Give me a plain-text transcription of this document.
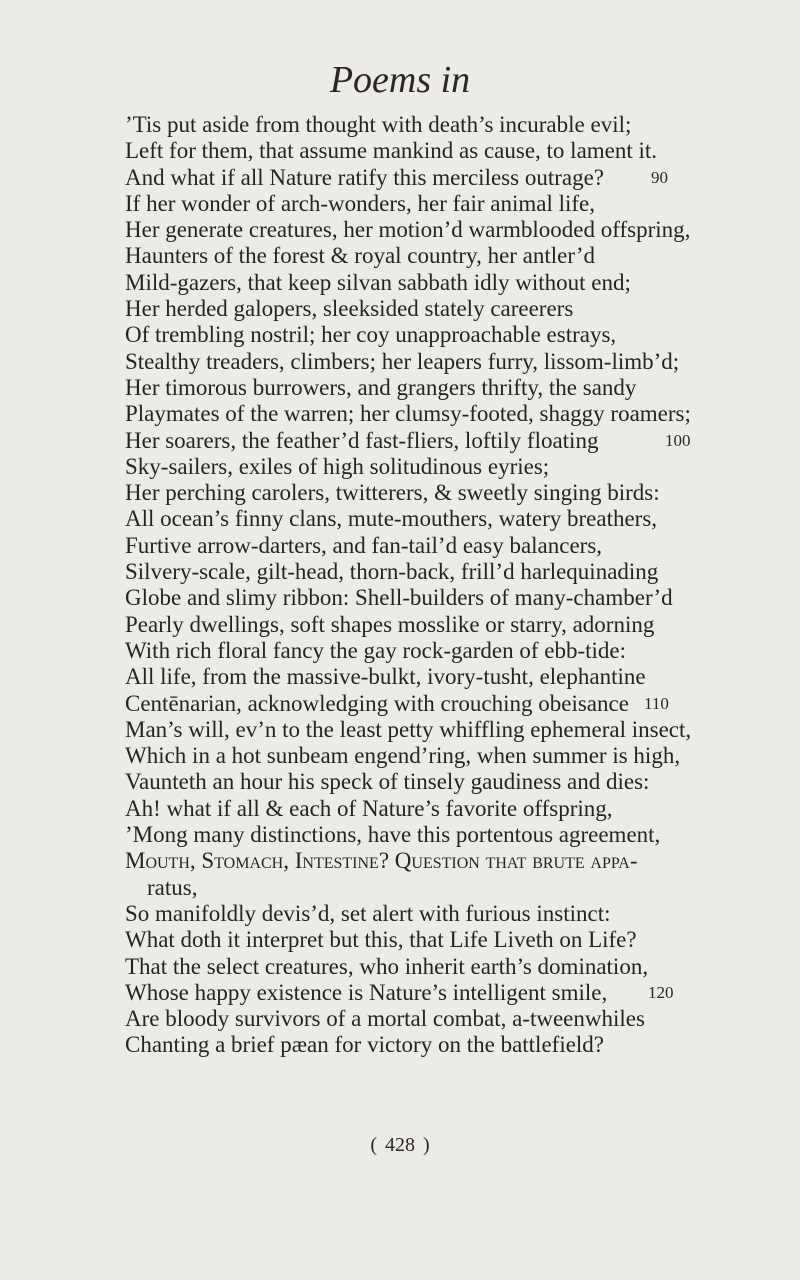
Poems in
’Tis put aside from thought with death’s incurable evil;
Left for them, that assume mankind as cause, to lament it.
And what if all Nature ratify this merciless outrage?	90
If her wonder of arch-wonders, her fair animal life,
Her generate creatures, her motion’d warmblooded offspring,
Haunters of the forest & royal country, her antler’d
Mild-gazers, that keep silvan sabbath idly without end;
Her herded galopers, sleeksided stately careerers
Of trembling nostril; her coy unapproachable estrays,
Stealthy treaders, climbers; her leapers furry, lissom-limb’d;
Her timorous burrowers, and grangers thrifty, the sandy
Playmates of the warren; her clumsy-footed, shaggy roamers;
Her soarers, the feather’d fast-fliers, loftily floating	100
Sky-sailers, exiles of high solitudinous eyries;
Her perching carolers, twitterers, & sweetly singing birds:
All ocean’s finny clans, mute-mouthers, watery breathers,
Furtive arrow-darters, and fan-tail’d easy balancers,
Silvery-scale, gilt-head, thorn-back, frill’d harlequinading
Globe and slimy ribbon: Shell-builders of many-chamber’d
Pearly dwellings, soft shapes mosslike or starry, adorning
With rich floral fancy the gay rock-garden of ebb-tide:
All life, from the massive-bulkt, ivory-tusht, elephantine
Centēnarian, acknowledging with crouching obeisance 110
Man’s will, ev’n to the least petty whiffling ephemeral insect,
Which in a hot sunbeam engend’ring, when summer is high,
Vaunteth an hour his speck of tinsely gaudiness and dies:
Ah! what if all & each of Nature’s favorite offspring,
’Mong many distinctions, have this portentous agreement,
Mouth, Stomach, Intestine? Question that brute appa-
ratus,
So manifoldly devis’d, set alert with furious instinct:
What doth it interpret but this, that Life Liveth on Life?
That the select creatures, who inherit earth’s domination,
Whose happy existence is Nature’s intelligent smile, 120
Are bloody survivors of a mortal combat, a-tweenwhiles
Chanting a brief pæan for victory on the battlefield?
( 428 )
